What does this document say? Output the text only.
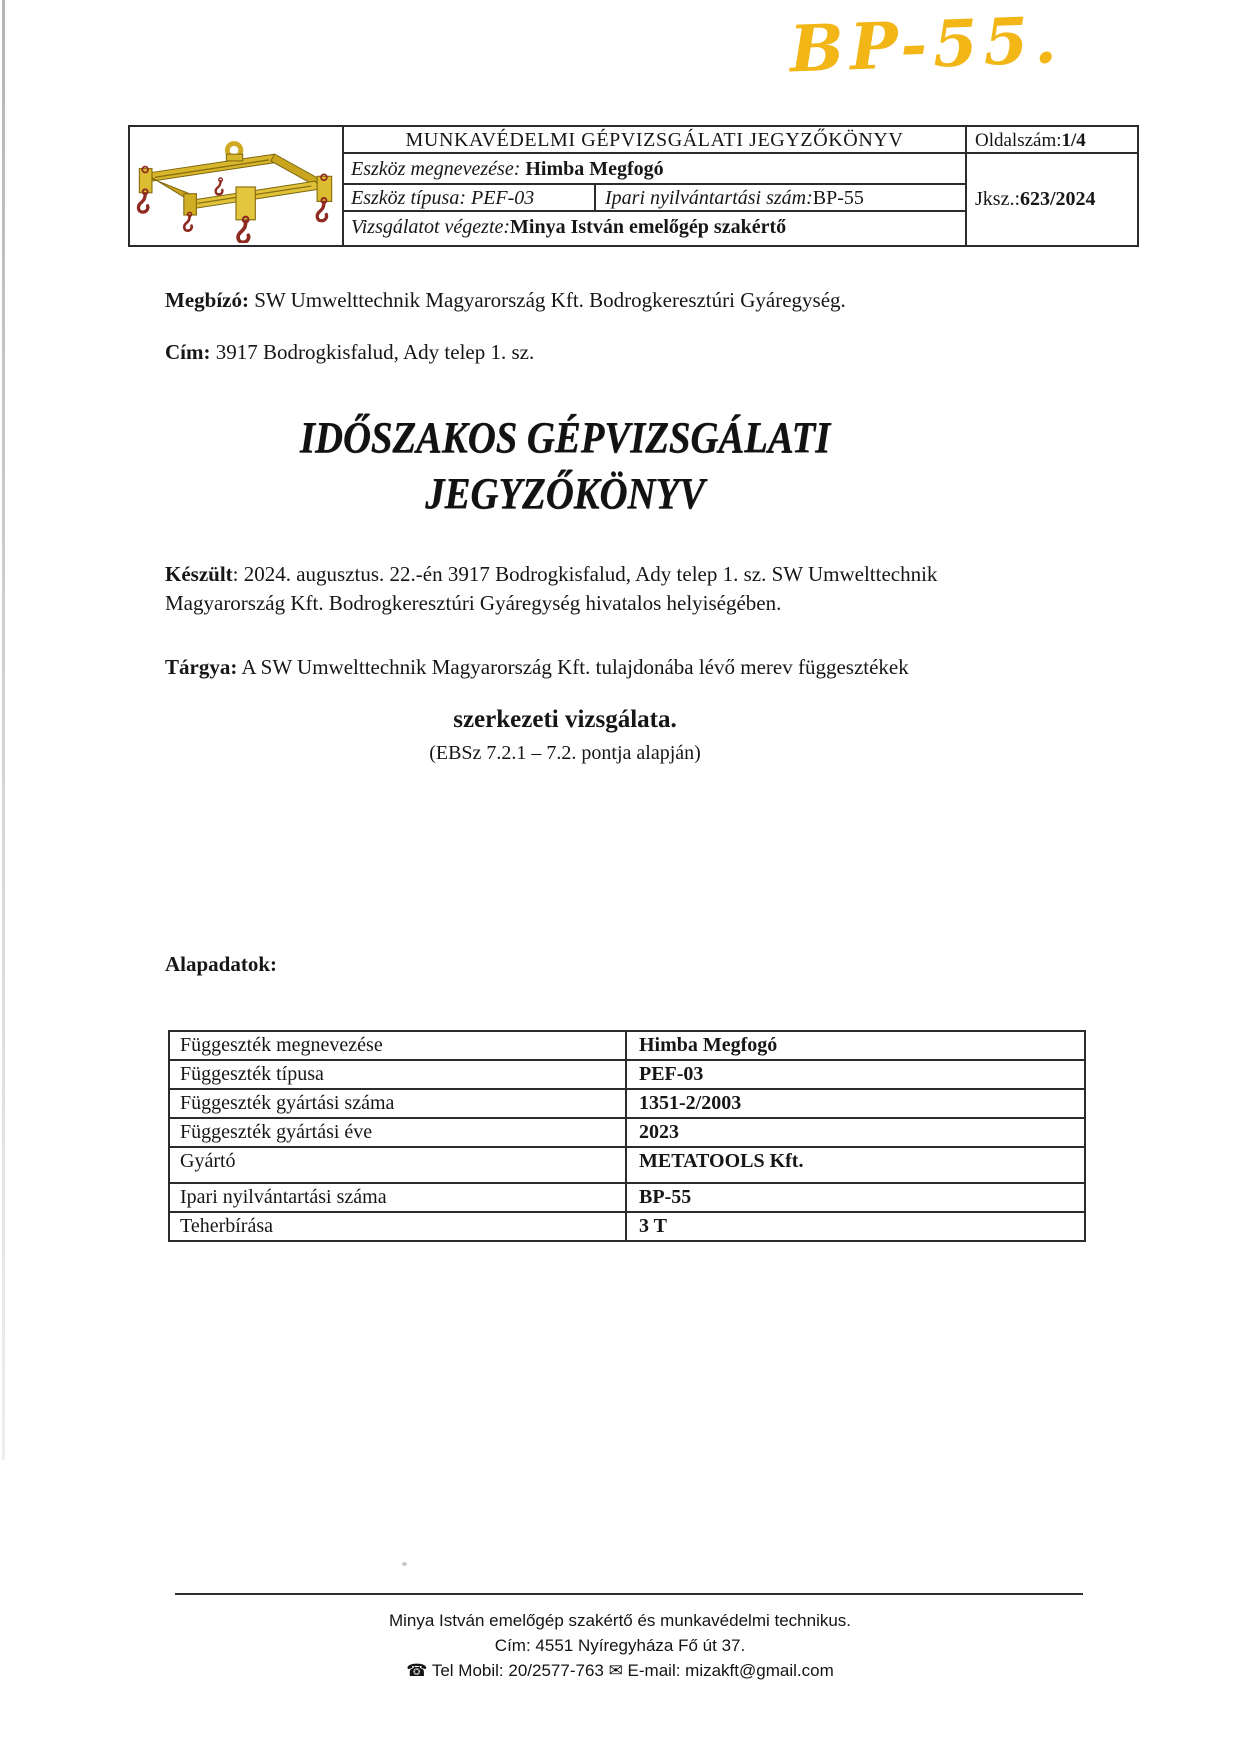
BP-55.
MUNKAVÉDELMI GÉPVIZSGÁLATI JEGYZŐKÖNYV
Eszköz megnevezése: Himba Megfogó
Eszköz típusa: PEF-03	Ipari nyilvántartási szám:BP-55
Vizsgálatot végezte:Minya István emelőgép szakértő
Oldalszám:1/4
Jksz.: 623/2024
Megbízó: SW Umwelttechnik Magyarország Kft. Bodrogkeresztúri Gyáregység.
Cím: 3917 Bodrogkisfalud, Ady telep 1. sz.
IDŐSZAKOS GÉPVIZSGÁLATI
JEGYZŐKÖNYV
Készült: 2024. augusztus. 22.-én 3917 Bodrogkisfalud, Ady telep 1. sz. SW Umwelttechnik
Magyarország Kft. Bodrogkeresztúri Gyáregység hivatalos helyiségében.
Tárgya: A SW Umwelttechnik Magyarország Kft. tulajdonába lévő merev függesztékek
szerkezeti vizsgálata.
(EBSz 7.2.1 – 7.2. pontja alapján)
Alapadatok:
Függeszték megnevezése	Himba Megfogó
Függeszték típusa	PEF-03
Függeszték gyártási száma	1351-2/2003
Függeszték gyártási éve	2023
Gyártó	METATOOLS Kft.
Ipari nyilvántartási száma	BP-55
Teherbírása	3 T
Minya István emelőgép szakértő és munkavédelmi technikus.
Cím: 4551 Nyíregyháza Fő út 37.
☎ Tel Mobil: 20/2577-763 ✉ E-mail: mizakft@gmail.com
